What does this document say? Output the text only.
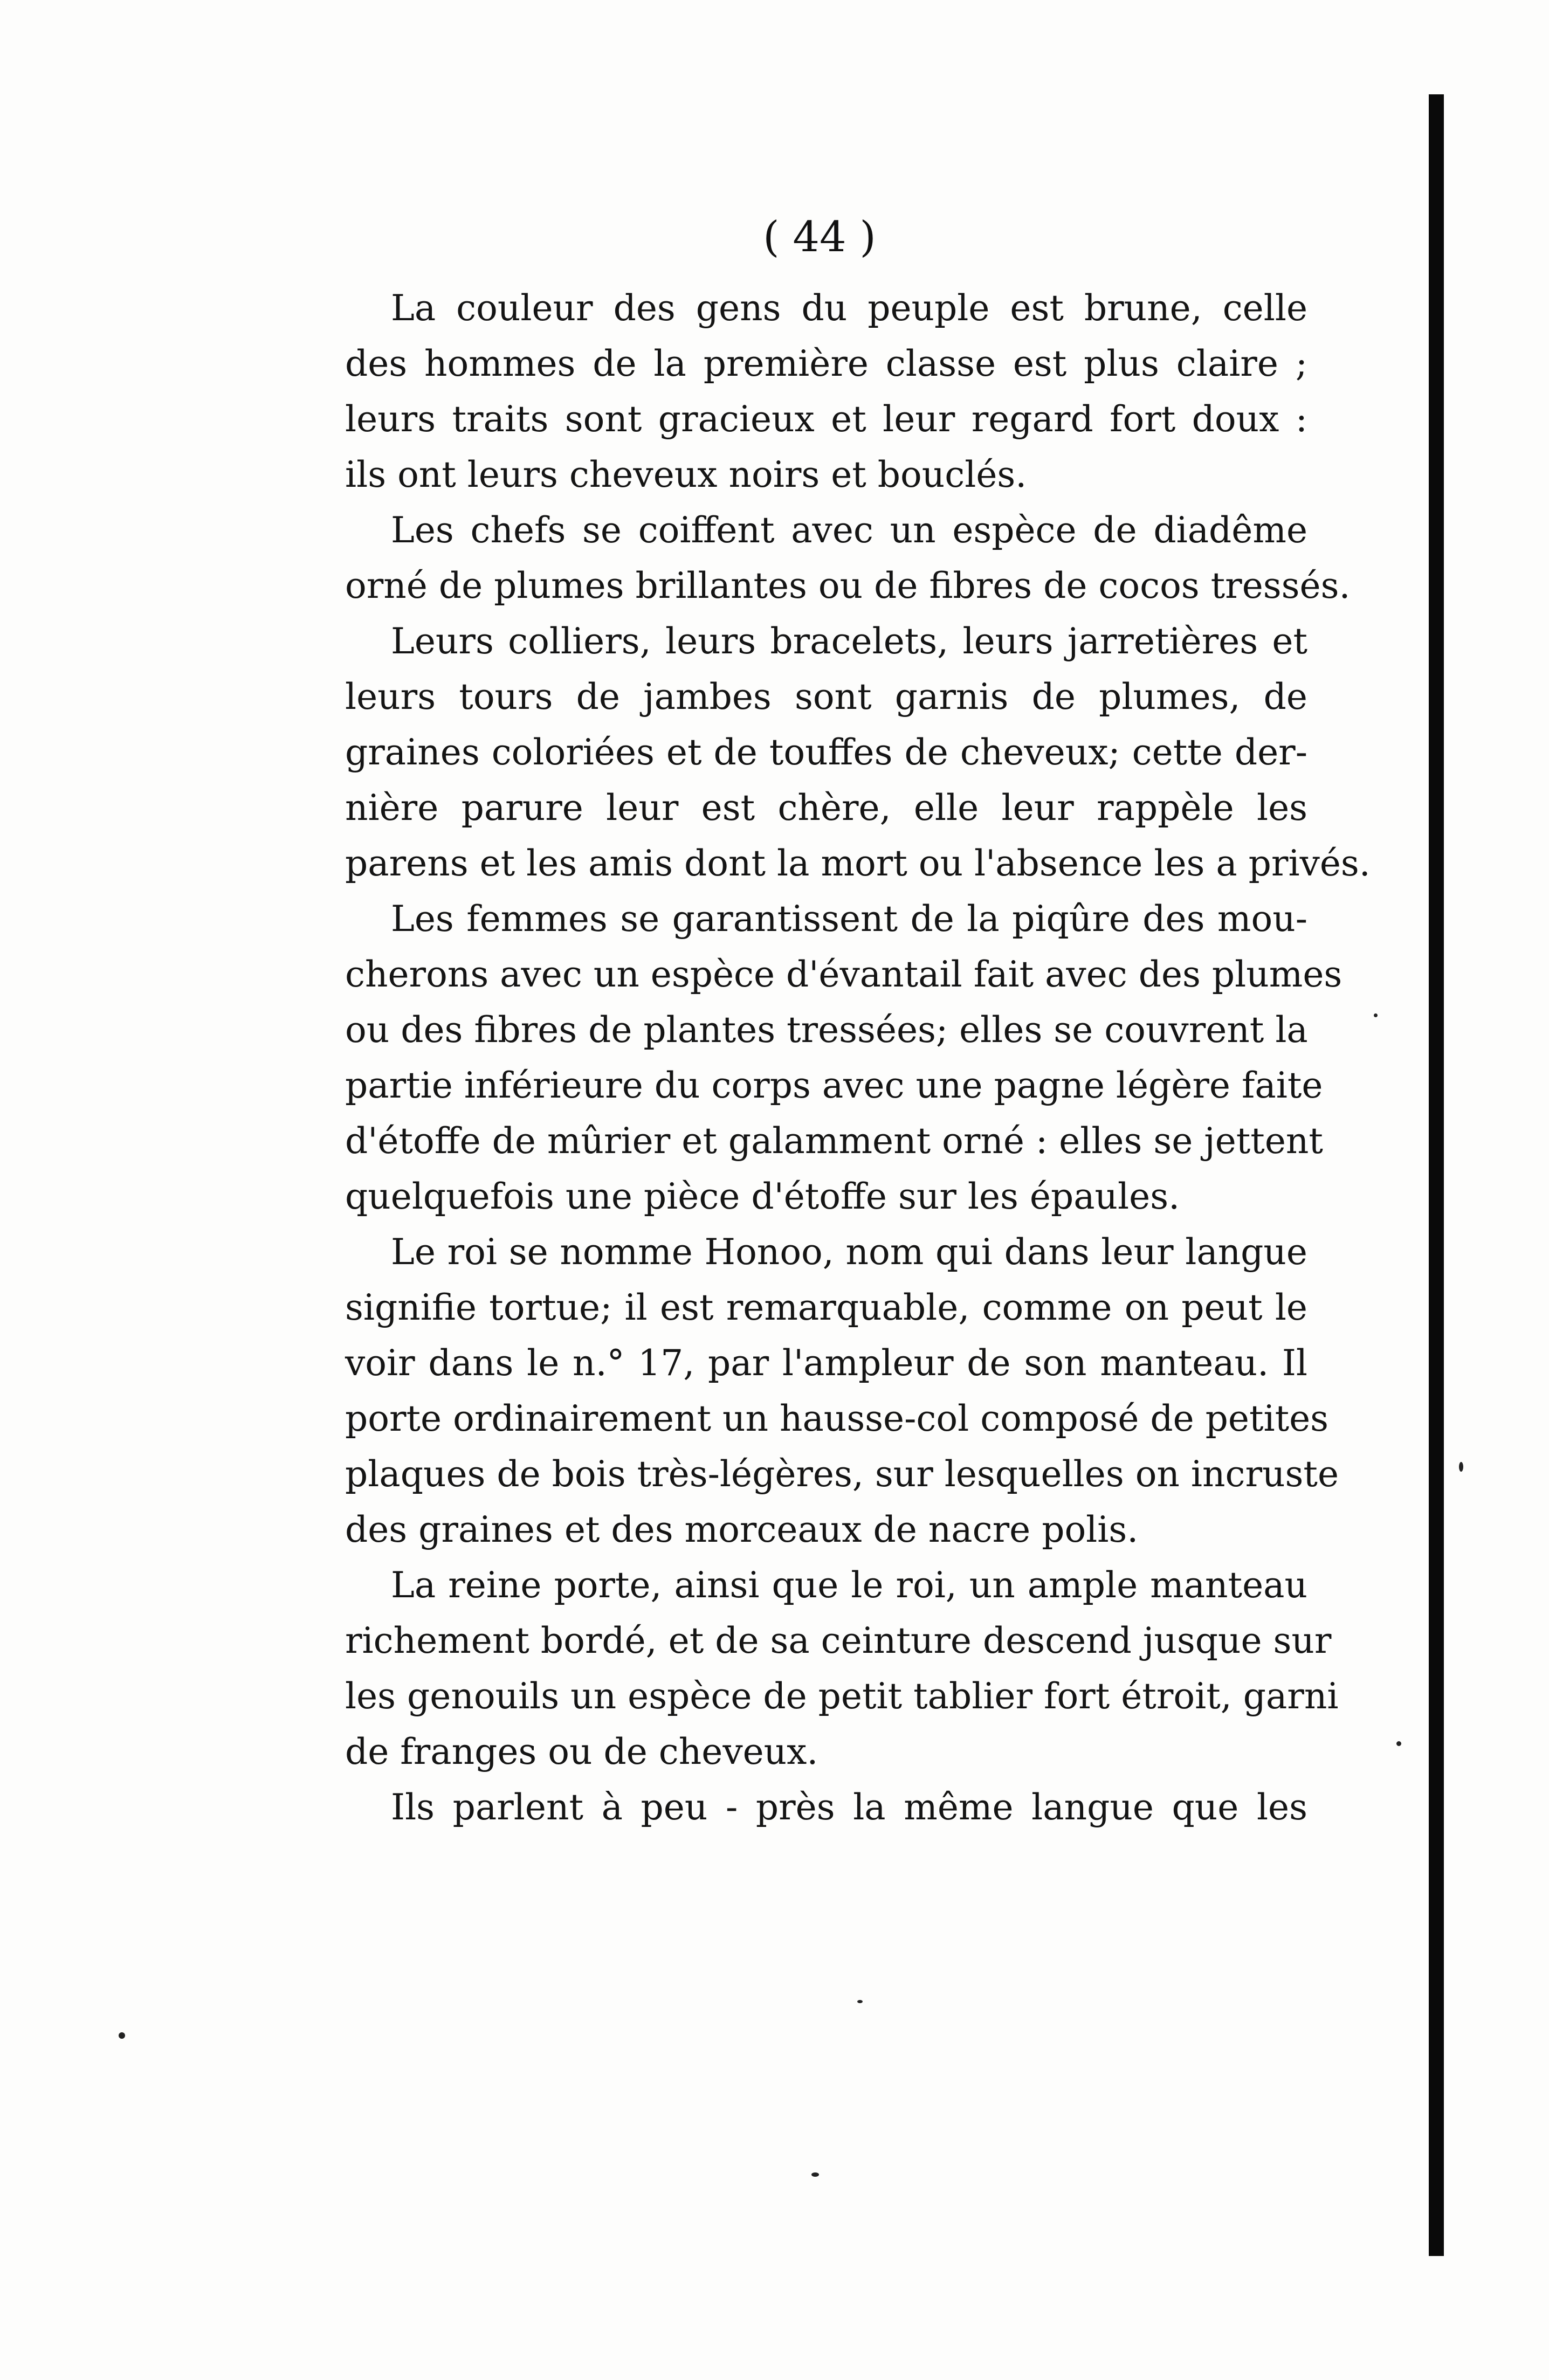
( 44 )
La couleur des gens du peuple est brune, celle
des hommes de la première classe est plus claire ;
leurs traits sont gracieux et leur regard fort doux :
ils ont leurs cheveux noirs et bouclés.
Les chefs se coiffent avec un espèce de diadême
orné de plumes brillantes ou de fibres de cocos tressés.
Leurs colliers, leurs bracelets, leurs jarretières et
leurs tours de jambes sont garnis de plumes, de
graines coloriées et de touffes de cheveux; cette der-
nière parure leur est chère, elle leur rappèle les
parens et les amis dont la mort ou l'absence les a privés.
Les femmes se garantissent de la piqûre des mou-
cherons avec un espèce d'évantail fait avec des plumes
ou des fibres de plantes tressées; elles se couvrent la
partie inférieure du corps avec une pagne légère faite
d'étoffe de mûrier et galamment orné : elles se jettent
quelquefois une pièce d'étoffe sur les épaules.
Le roi se nomme Honoo, nom qui dans leur langue
signifie tortue; il est remarquable, comme on peut le
voir dans le n.° 17, par l'ampleur de son manteau. Il
porte ordinairement un hausse-col composé de petites
plaques de bois très-légères, sur lesquelles on incruste
des graines et des morceaux de nacre polis.
La reine porte, ainsi que le roi, un ample manteau
richement bordé, et de sa ceinture descend jusque sur
les genouils un espèce de petit tablier fort étroit, garni
de franges ou de cheveux.
Ils parlent à peu - près la même langue que les
